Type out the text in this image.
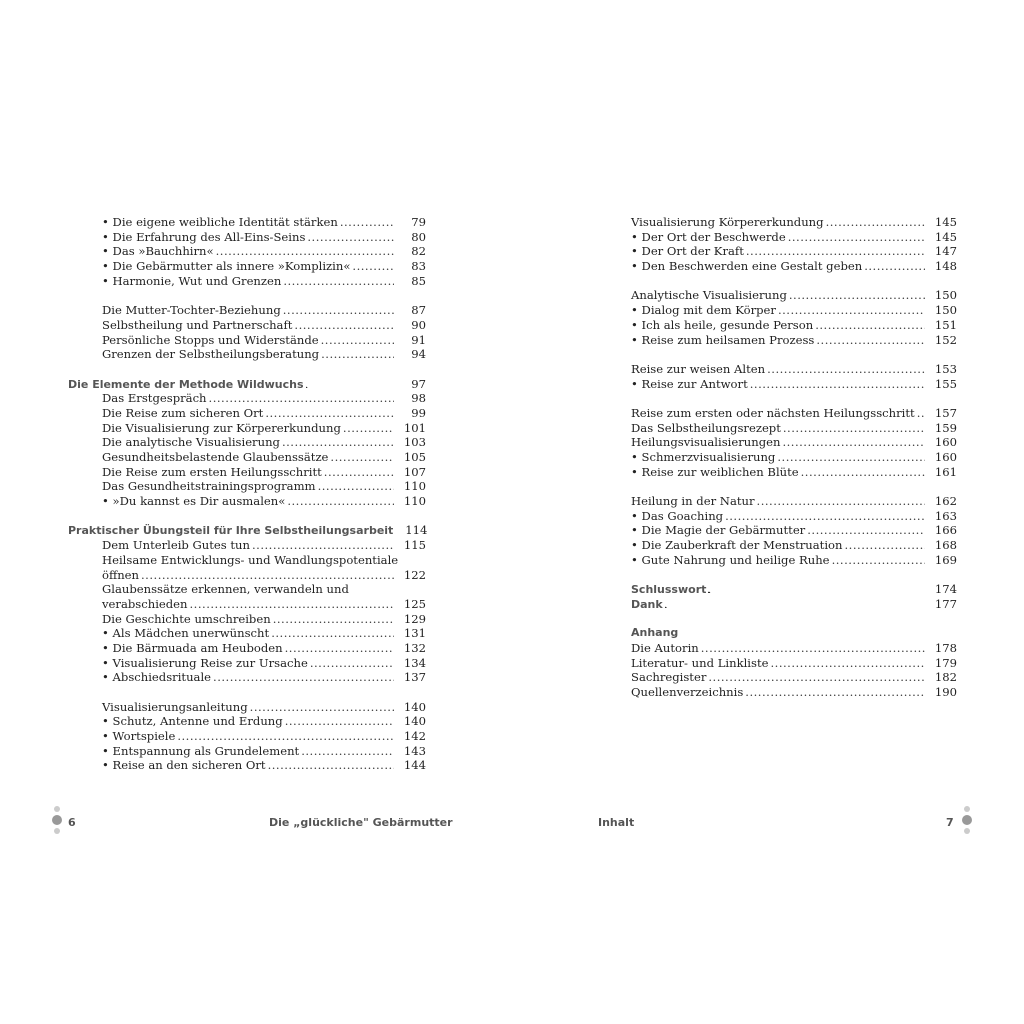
• Die eigene weibliche Identität stärken . . .	79
• Die Erfahrung des All-Eins-Seins . . .	80
• Das »Bauchhirn« . . .	82
• Die Gebärmutter als innere »Komplizin« . . .	83
• Harmonie, Wut und Grenzen . . .	85
Die Mutter-Tochter-Beziehung . . .	87
Selbstheilung und Partnerschaft . . .	90
Persönliche Stopps und Widerstände . . .	91
Grenzen der Selbstheilungsberatung . . .	94
Die Elemente der Methode Wildwuchs . . .	97
Das Erstgespräch . . .	98
Die Reise zum sicheren Ort . . .	99
Die Visualisierung zur Körpererkundung . . .	101
Die analytische Visualisierung . . .	103
Gesundheitsbelastende Glaubenssätze . . .	105
Die Reise zum ersten Heilungsschritt . . .	107
Das Gesundheitstrainingsprogramm . . .	110
• »Du kannst es Dir ausmalen« . . .	110
Praktischer Übungsteil für Ihre Selbstheilungsarbeit	114
Dem Unterleib Gutes tun . . .	115
Heilsame Entwicklungs- und Wandlungspotentiale
öffnen . . .	122
Glaubenssätze erkennen, verwandeln und
verabschieden . . .	125
Die Geschichte umschreiben . . .	129
• Als Mädchen unerwünscht . . .	131
• Die Bärmuada am Heuboden . . .	132
• Visualisierung Reise zur Ursache . . .	134
• Abschiedsrituale . . .	137
Visualisierungsanleitung . . .	140
• Schutz, Antenne und Erdung . . .	140
• Wortspiele . . .	142
• Entspannung als Grundelement . . .	143
• Reise an den sicheren Ort . . .	144
Visualisierung Körpererkundung . . .	145
• Der Ort der Beschwerde . . .	145
• Der Ort der Kraft . . .	147
• Den Beschwerden eine Gestalt geben . . .	148
Analytische Visualisierung . . .	150
• Dialog mit dem Körper . . .	150
• Ich als heile, gesunde Person . . .	151
• Reise zum heilsamen Prozess . . .	152
Reise zur weisen Alten . . .	153
• Reise zur Antwort . . .	155
Reise zum ersten oder nächsten Heilungsschritt . . .	157
Das Selbstheilungsrezept . . .	159
Heilungsvisualisierungen . . .	160
• Schmerzvisualisierung . . .	160
• Reise zur weiblichen Blüte . . .	161
Heilung in der Natur . . .	162
• Das Goaching . . .	163
• Die Magie der Gebärmutter . . .	166
• Die Zauberkraft der Menstruation . . .	168
• Gute Nahrung und heilige Ruhe . . .	169
Schlusswort . . .	174
Dank . . .	177
Anhang
Die Autorin . . .	178
Literatur- und Linkliste . . .	179
Sachregister . . .	182
Quellenverzeichnis . . .	190
6	Die „glückliche" Gebärmutter	Inhalt	7
